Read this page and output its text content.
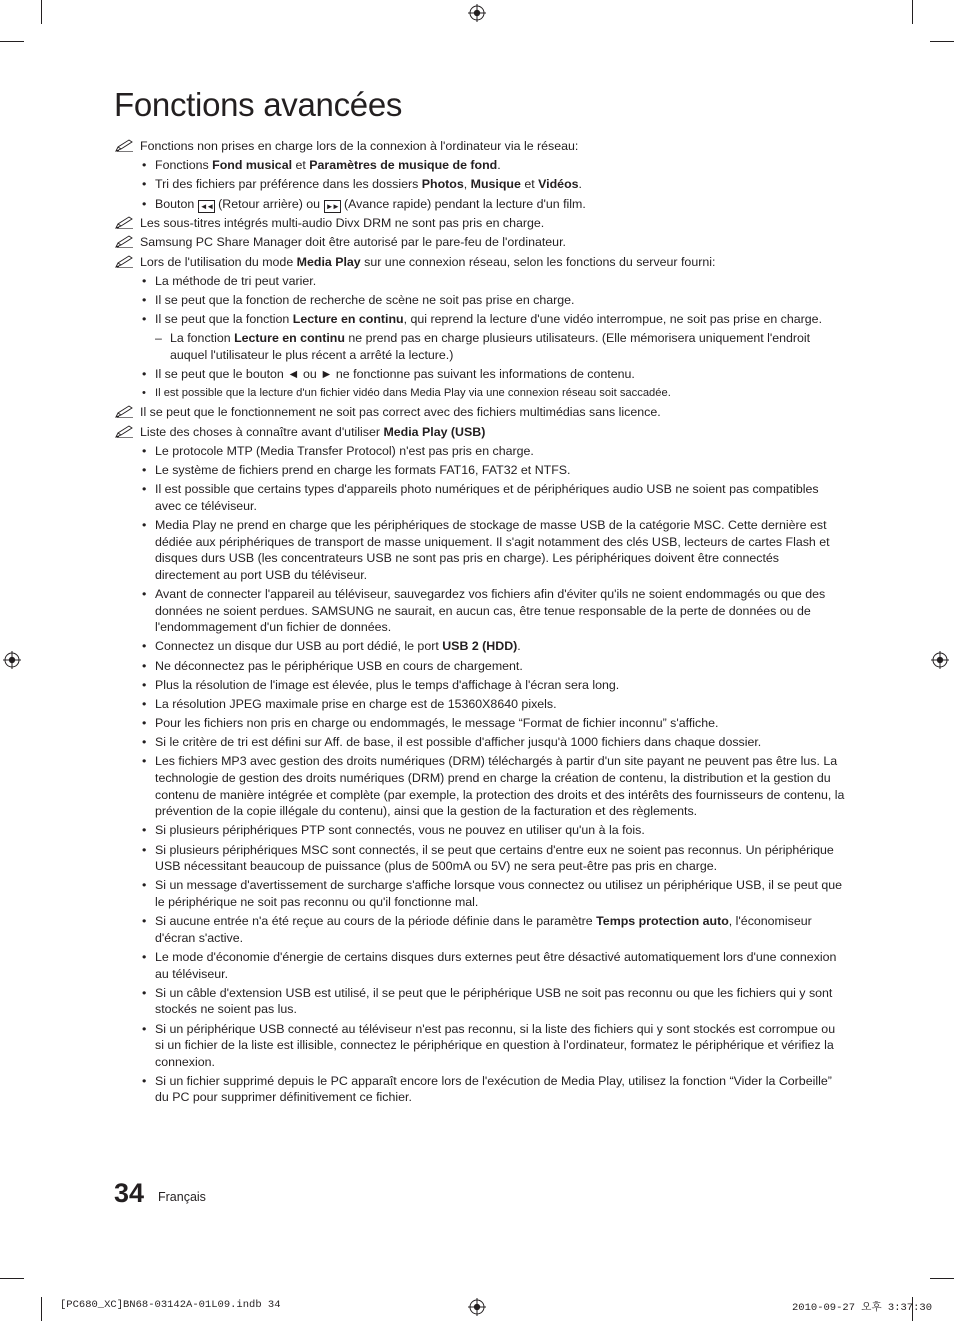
Fonctions avancées
Fonctions non prises en charge lors de la connexion à l'ordinateur via le réseau:
• Fonctions Fond musical et Paramètres de musique de fond.
• Tri des fichiers par préférence dans les dossiers Photos, Musique et Vidéos.
• Bouton ◄◄ (Retour arrière) ou ►► (Avance rapide) pendant la lecture d'un film.
Les sous-titres intégrés multi-audio Divx DRM ne sont pas pris en charge.
Samsung PC Share Manager doit être autorisé par le pare-feu de l'ordinateur.
Lors de l'utilisation du mode Media Play sur une connexion réseau, selon les fonctions du serveur fourni:
• La méthode de tri peut varier.
• Il se peut que la fonction de recherche de scène ne soit pas prise en charge.
• Il se peut que la fonction Lecture en continu, qui reprend la lecture d'une vidéo interrompue, ne soit pas prise en charge.
– La fonction Lecture en continu ne prend pas en charge plusieurs utilisateurs. (Elle mémorisera uniquement l'endroit auquel l'utilisateur le plus récent a arrêté la lecture.)
• Il se peut que le bouton ◄ ou ► ne fonctionne pas suivant les informations de contenu.
• Il est possible que la lecture d'un fichier vidéo dans Media Play via une connexion réseau soit saccadée.
Il se peut que le fonctionnement ne soit pas correct avec des fichiers multimédias sans licence.
Liste des choses à connaître avant d'utiliser Media Play (USB)
• Le protocole MTP (Media Transfer Protocol) n'est pas pris en charge.
• Le système de fichiers prend en charge les formats FAT16, FAT32 et NTFS.
• Il est possible que certains types d'appareils photo numériques et de périphériques audio USB ne soient pas compatibles avec ce téléviseur.
• Media Play ne prend en charge que les périphériques de stockage de masse USB de la catégorie MSC. Cette dernière est dédiée aux périphériques de transport de masse uniquement. Il s'agit notamment des clés USB, lecteurs de cartes Flash et disques durs USB (les concentrateurs USB ne sont pas pris en charge). Les périphériques doivent être connectés directement au port USB du téléviseur.
• Avant de connecter l'appareil au téléviseur, sauvegardez vos fichiers afin d'éviter qu'ils ne soient endommagés ou que des données ne soient perdues. SAMSUNG ne saurait, en aucun cas, être tenue responsable de la perte de données ou de l'endommagement d'un fichier de données.
• Connectez un disque dur USB au port dédié, le port USB 2 (HDD).
• Ne déconnectez pas le périphérique USB en cours de chargement.
• Plus la résolution de l'image est élevée, plus le temps d'affichage à l'écran sera long.
• La résolution JPEG maximale prise en charge est de 15360X8640 pixels.
• Pour les fichiers non pris en charge ou endommagés, le message “Format de fichier inconnu” s'affiche.
• Si le critère de tri est défini sur Aff. de base, il est possible d'afficher jusqu'à 1000 fichiers dans chaque dossier.
• Les fichiers MP3 avec gestion des droits numériques (DRM) téléchargés à partir d'un site payant ne peuvent pas être lus. La technologie de gestion des droits numériques (DRM) prend en charge la création de contenu, la distribution et la gestion du contenu de manière intégrée et complète (par exemple, la protection des droits et des intérêts des fournisseurs de contenu, la prévention de la copie illégale du contenu), ainsi que la gestion de la facturation et des règlements.
• Si plusieurs périphériques PTP sont connectés, vous ne pouvez en utiliser qu'un à la fois.
• Si plusieurs périphériques MSC sont connectés, il se peut que certains d'entre eux ne soient pas reconnus. Un périphérique USB nécessitant beaucoup de puissance (plus de 500mA ou 5V) ne sera peut-être pas pris en charge.
• Si un message d'avertissement de surcharge s'affiche lorsque vous connectez ou utilisez un périphérique USB, il se peut que le périphérique ne soit pas reconnu ou qu'il fonctionne mal.
• Si aucune entrée n'a été reçue au cours de la période définie dans le paramètre Temps protection auto, l'économiseur d'écran s'active.
• Le mode d'économie d'énergie de certains disques durs externes peut être désactivé automatiquement lors d'une connexion au téléviseur.
• Si un câble d'extension USB est utilisé, il se peut que le périphérique USB ne soit pas reconnu ou que les fichiers qui y sont stockés ne soient pas lus.
• Si un périphérique USB connecté au téléviseur n'est pas reconnu, si la liste des fichiers qui y sont stockés est corrompue ou si un fichier de la liste est illisible, connectez le périphérique en question à l'ordinateur, formatez le périphérique et vérifiez la connexion.
• Si un fichier supprimé depuis le PC apparaît encore lors de l'exécution de Media Play, utilisez la fonction “Vider la Corbeille” du PC pour supprimer définitivement ce fichier.
34 Français
[PC680_XC]BN68-03142A-01L09.indb 34	2010-09-27 오후 3:37:30
